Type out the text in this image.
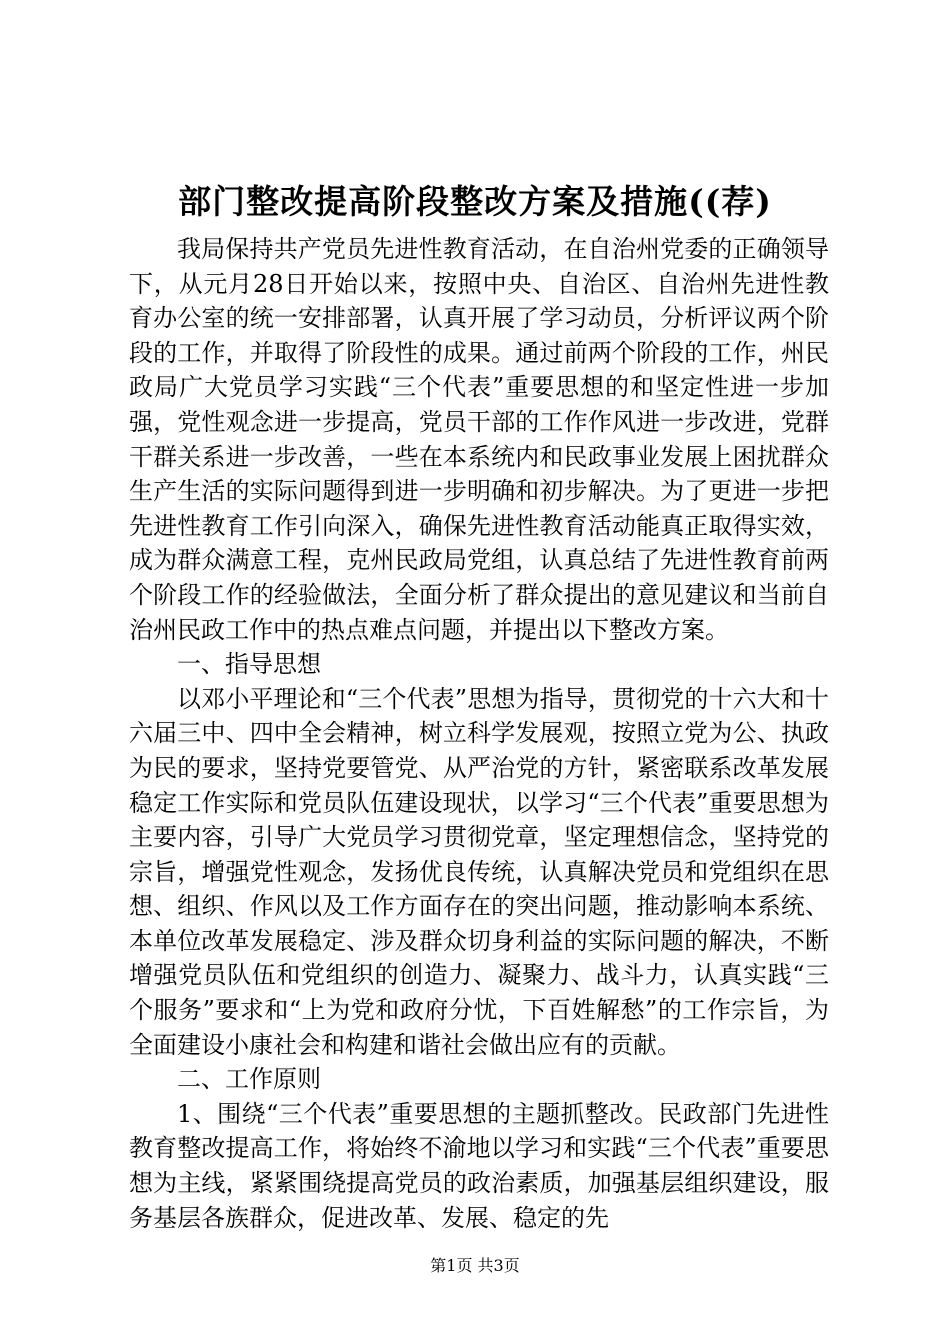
部门整改提高阶段整改方案及措施((荐)

我局保持共产党员先进性教育活动，在自治州党委的正确领导下，从元月28日开始以来，按照中央、自治区、自治州先进性教育办公室的统一安排部署，认真开展了学习动员，分析评议两个阶段的工作，并取得了阶段性的成果。通过前两个阶段的工作，州民政局广大党员学习实践“三个代表”重要思想的和坚定性进一步加强，党性观念进一步提高，党员干部的工作作风进一步改进，党群干群关系进一步改善，一些在本系统内和民政事业发展上困扰群众生产生活的实际问题得到进一步明确和初步解决。为了更进一步把先进性教育工作引向深入，确保先进性教育活动能真正取得实效，成为群众满意工程，克州民政局党组，认真总结了先进性教育前两个阶段工作的经验做法，全面分析了群众提出的意见建议和当前自治州民政工作中的热点难点问题，并提出以下整改方案。

一、指导思想

以邓小平理论和“三个代表”思想为指导，贯彻党的十六大和十六届三中、四中全会精神，树立科学发展观，按照立党为公、执政为民的要求，坚持党要管党、从严治党的方针，紧密联系改革发展稳定工作实际和党员队伍建设现状，以学习“三个代表”重要思想为主要内容，引导广大党员学习贯彻党章，坚定理想信念，坚持党的宗旨，增强党性观念，发扬优良传统，认真解决党员和党组织在思想、组织、作风以及工作方面存在的突出问题，推动影响本系统、本单位改革发展稳定、涉及群众切身利益的实际问题的解决，不断增强党员队伍和党组织的创造力、凝聚力、战斗力，认真实践“三个服务”要求和“上为党和政府分忧，下百姓解愁”的工作宗旨，为全面建设小康社会和构建和谐社会做出应有的贡献。

二、工作原则

1、围绕“三个代表”重要思想的主题抓整改。民政部门先进性教育整改提高工作，将始终不渝地以学习和实践“三个代表”重要思想为主线，紧紧围绕提高党员的政治素质，加强基层组织建设，服务基层各族群众，促进改革、发展、稳定的先

第1页 共3页
